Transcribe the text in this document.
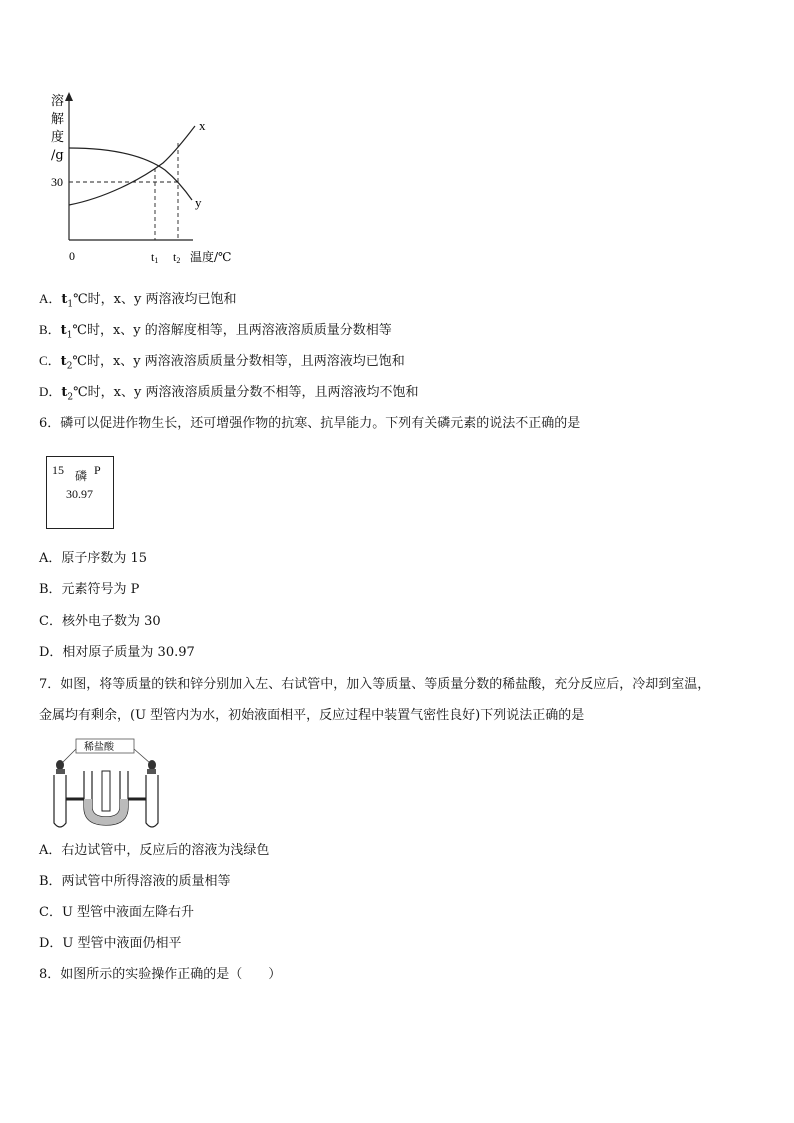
溶
解
度
/g
30
x
y
0	t1 t2 温度/℃
A．$t_1℃$时，x、y 两溶液均已饱和
B．$t_1℃$时，x、y 的溶解度相等，且两溶液溶质质量分数相等
C．$t_2℃$时，x、y 两溶液溶质质量分数相等，且两溶液均已饱和
D．$t_2℃$时，x、y 两溶液溶质质量分数不相等，且两溶液均不饱和
6．磷可以促进作物生长，还可增强作物的抗寒、抗旱能力。下列有关磷元素的说法不正确的是
15 磷 P
30.97
A．原子序数为 15
B．元素符号为 P
C．核外电子数为 30
D．相对原子质量为 30.97
7．如图，将等质量的铁和锌分别加入左、右试管中，加入等质量、等质量分数的稀盐酸，充分反应后，冷却到室温，
金属均有剩余，(U 型管内为水，初始液面相平，反应过程中装置气密性良好)下列说法正确的是
稀盐酸
A．右边试管中，反应后的溶液为浅绿色
B．两试管中所得溶液的质量相等
C．U 型管中液面左降右升
D．U 型管中液面仍相平
8．如图所示的实验操作正确的是（　　）
